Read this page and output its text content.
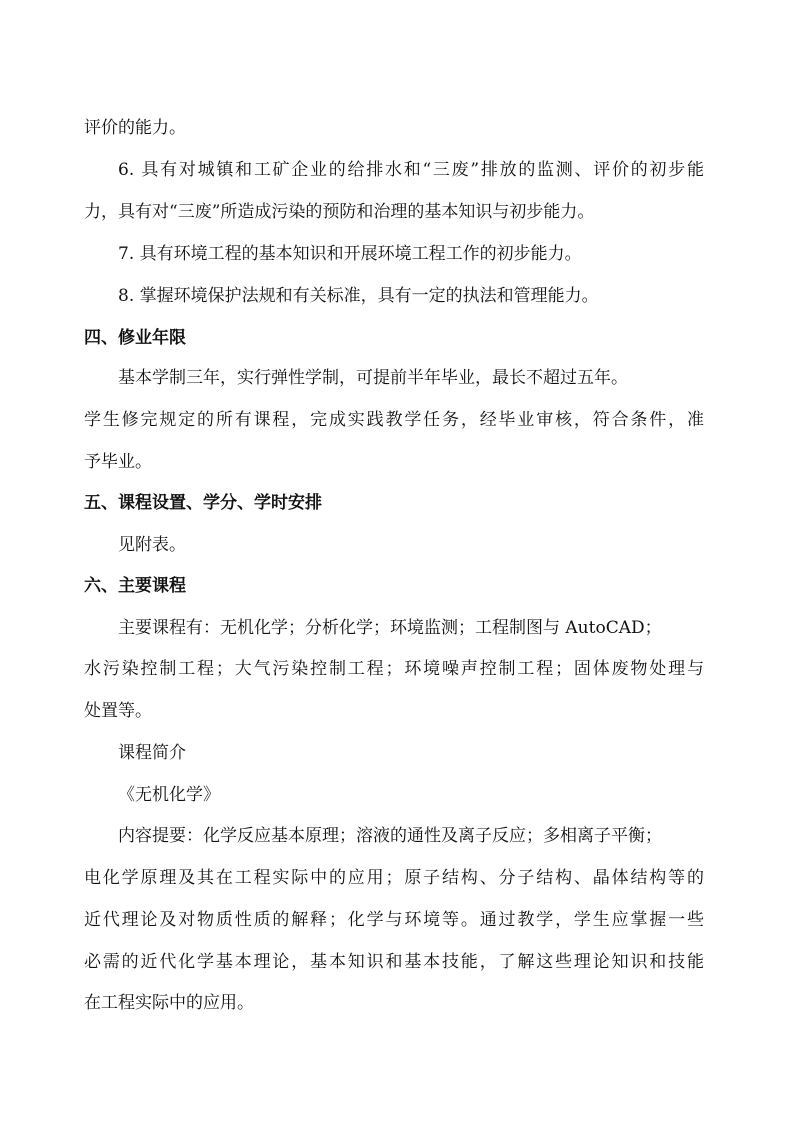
评价的能力。
6. 具有对城镇和工矿企业的给排水和“三废”排放的监测、评价的初步能
力，具有对“三废”所造成污染的预防和治理的基本知识与初步能力。
7. 具有环境工程的基本知识和开展环境工程工作的初步能力。
8. 掌握环境保护法规和有关标准，具有一定的执法和管理能力。
四、修业年限
基本学制三年，实行弹性学制，可提前半年毕业，最长不超过五年。
学生修完规定的所有课程，完成实践教学任务，经毕业审核，符合条件，准
予毕业。
五、课程设置、学分、学时安排
见附表。
六、主要课程
主要课程有：无机化学；分析化学；环境监测；工程制图与 AutoCAD；
水污染控制工程；大气污染控制工程；环境噪声控制工程；固体废物处理与
处置等。
课程简介
《无机化学》
内容提要：化学反应基本原理；溶液的通性及离子反应；多相离子平衡；
电化学原理及其在工程实际中的应用；原子结构、分子结构、晶体结构等的
近代理论及对物质性质的解释；化学与环境等。通过教学，学生应掌握一些
必需的近代化学基本理论，基本知识和基本技能，了解这些理论知识和技能
在工程实际中的应用。
